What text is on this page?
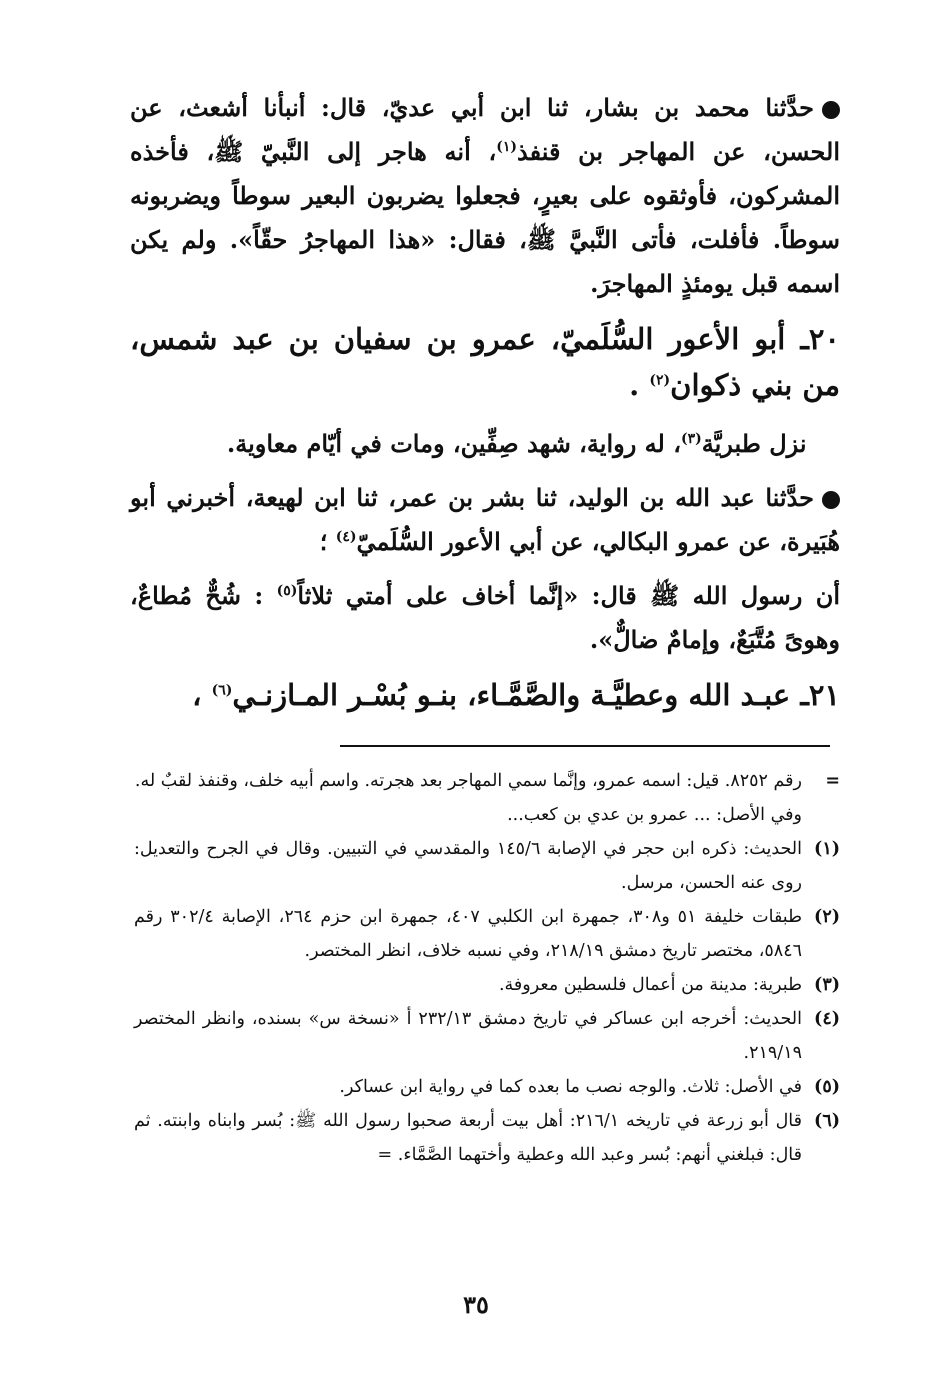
حدَّثنا محمد بن بشار، ثنا ابن أبي عديّ، قال: أنبأنا أشعث، عن الحسن، عن المهاجر بن قنفذ$^{(١)}$، أنه هاجر إلى النَّبيّ ﷺ، فأخذه المشركون، فأوثقوه على بعيرٍ، فجعلوا يضربون البعير سوطاً ويضربونه سوطاً. فأفلت، فأتى النَّبيَّ ﷺ، فقال: «هذا المهاجرُ حقّاً». ولم يكن اسمه قبل يومئذٍ المهاجرَ.

٢٠ـ أبو الأعور السُّلَميّ، عمرو بن سفيان بن عبد شمس، من بني ذكوان$^{(٢)}$ .

نزل طبريَّة$^{(٣)}$، له رواية، شهد صِفِّين، ومات في أيّام معاوية.

حدَّثنا عبد الله بن الوليد، ثنا بشر بن عمر، ثنا ابن لهيعة، أخبرني أبو هُبَيرة، عن عمرو البكالي، عن أبي الأعور السُّلَميّ$^{(٤)}$ ؛

أن رسول الله ﷺ قال: «إنَّما أخاف على أمتي ثلاثاً$^{(٥)}$ : شُحٌّ مُطاعٌ، وهوىً مُتَّبَعٌ، وإمامٌ ضالٌّ».

٢١ـ عبـد الله وعطيَّـة والصَّمَّـاء، بنـو بُسْـر المـازنـي$^{(٦)}$ ،

=
رقم ٨٢٥٢. قيل: اسمه عمرو، وإنَّما سمي المهاجر بعد هجرته. واسم أبيه خلف، وقنفذ لقبٌ له.
وفي الأصل: ... عمرو بن عدي بن كعب...
(١)
الحديث: ذكره ابن حجر في الإصابة ١٤٥/٦ والمقدسي في التبيين. وقال في الجرح والتعديل: روى عنه الحسن، مرسل.
(٢)
طبقات خليفة ٥١ و٣٠٨، جمهرة ابن الكلبي ٤٠٧، جمهرة ابن حزم ٢٦٤، الإصابة ٣٠٢/٤ رقم ٥٨٤٦، مختصر تاريخ دمشق ٢١٨/١٩، وفي نسبه خلاف، انظر المختصر.
(٣)
طبرية: مدينة من أعمال فلسطين معروفة.
(٤)
الحديث: أخرجه ابن عساكر في تاريخ دمشق ٢٣٢/١٣ أ «نسخة س» بسنده، وانظر المختصر ٢١٩/١٩.
(٥)
في الأصل: ثلاث. والوجه نصب ما بعده كما في رواية ابن عساكر.
(٦)
قال أبو زرعة في تاريخه ٢١٦/١: أهل بيت أربعة صحبوا رسول الله ﷺ: بُسر وابناه وابنته. ثم قال: فبلغني أنهم: بُسر وعبد الله وعطية وأختهما الصَّمَّاء. =
٣٥
